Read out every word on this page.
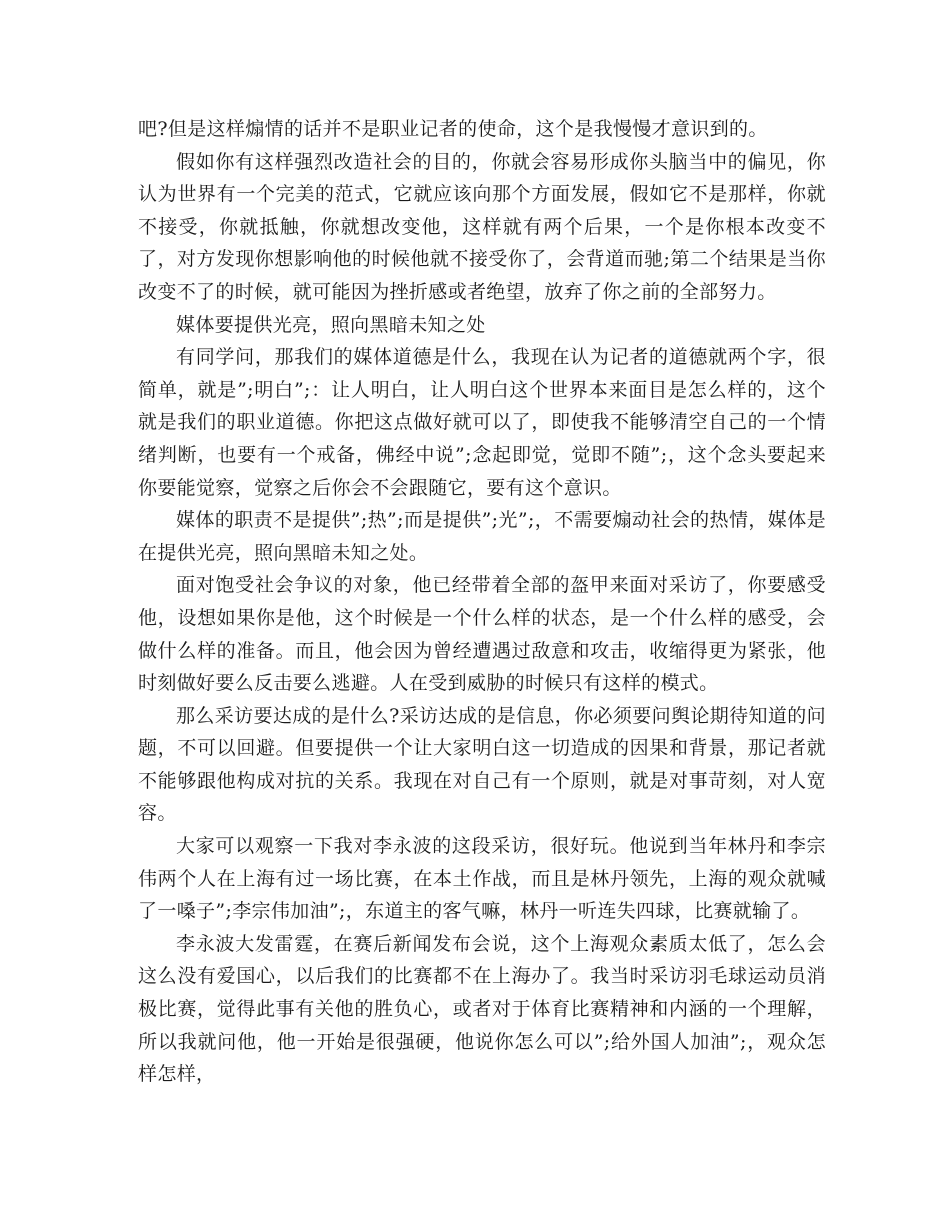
吧?但是这样煽情的话并不是职业记者的使命，这个是我慢慢才意识到的。

假如你有这样强烈改造社会的目的，你就会容易形成你头脑当中的偏见，你认为世界有一个完美的范式，它就应该向那个方面发展，假如它不是那样，你就不接受，你就抵触，你就想改变他，这样就有两个后果，一个是你根本改变不了，对方发现你想影响他的时候他就不接受你了，会背道而驰;第二个结果是当你改变不了的时候，就可能因为挫折感或者绝望，放弃了你之前的全部努力。

媒体要提供光亮，照向黑暗未知之处

有同学问，那我们的媒体道德是什么，我现在认为记者的道德就两个字，很简单，就是”;明白”;：让人明白，让人明白这个世界本来面目是怎么样的，这个就是我们的职业道德。你把这点做好就可以了，即使我不能够清空自己的一个情绪判断，也要有一个戒备，佛经中说”;念起即觉，觉即不随”;，这个念头要起来你要能觉察，觉察之后你会不会跟随它，要有这个意识。

媒体的职责不是提供”;热”;而是提供”;光”;，不需要煽动社会的热情，媒体是在提供光亮，照向黑暗未知之处。

面对饱受社会争议的对象，他已经带着全部的盔甲来面对采访了，你要感受他，设想如果你是他，这个时候是一个什么样的状态，是一个什么样的感受，会做什么样的准备。而且，他会因为曾经遭遇过敌意和攻击，收缩得更为紧张，他时刻做好要么反击要么逃避。人在受到威胁的时候只有这样的模式。

那么采访要达成的是什么?采访达成的是信息，你必须要问舆论期待知道的问题，不可以回避。但要提供一个让大家明白这一切造成的因果和背景，那记者就不能够跟他构成对抗的关系。我现在对自己有一个原则，就是对事苛刻，对人宽容。

大家可以观察一下我对李永波的这段采访，很好玩。他说到当年林丹和李宗伟两个人在上海有过一场比赛，在本土作战，而且是林丹领先，上海的观众就喊了一嗓子”;李宗伟加油”;，东道主的客气嘛，林丹一听连失四球，比赛就输了。

李永波大发雷霆，在赛后新闻发布会说，这个上海观众素质太低了，怎么会这么没有爱国心，以后我们的比赛都不在上海办了。我当时采访羽毛球运动员消极比赛，觉得此事有关他的胜负心，或者对于体育比赛精神和内涵的一个理解，所以我就问他，他一开始是很强硬，他说你怎么可以”;给外国人加油”;，观众怎样怎样，
